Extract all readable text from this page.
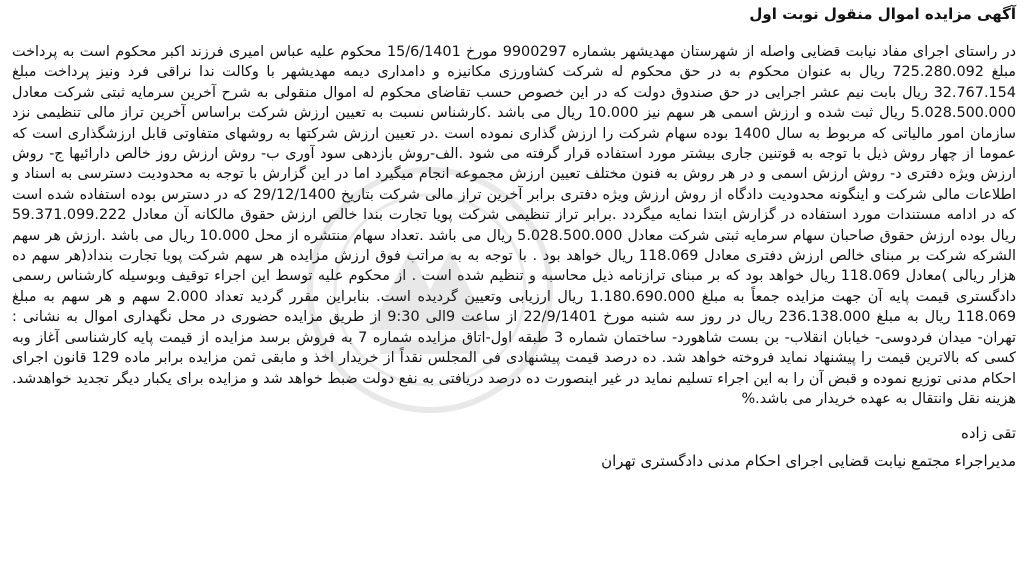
آگهی مزایده اموال منقول نوبت اول

در راستای اجرای مفاد نیابت قضایی واصله از شهرستان مهدیشهر بشماره 9900297 مورخ 15/6/1401 محکوم علیه عباس امیری فرزند اکبر محکوم است به پرداخت مبلغ 725.280.092 ریال به عنوان محکوم به در حق محکوم له شرکت کشاورزی مکانیزه و دامداری دیمه مهدیشهر با وکالت ندا نراقی فرد ونیز پرداخت مبلغ 32.767.154 ریال بابت نیم عشر اجرایی در حق صندوق دولت که در این خصوص حسب تقاضای محکوم له اموال منقولی به شرح آخرین سرمایه ثبتی شرکت معادل 5.028.500.000 ریال ثبت شده و ارزش اسمی هر سهم نیز 10.000 ریال می باشد .کارشناس نسبت به تعیین ارزش شرکت براساس آخرین تراز مالی تنظیمی نزد سازمان امور مالیاتی که مربوط به سال 1400 بوده سهام شرکت را ارزش گذاری نموده است .در تعیین ارزش شرکتها به روشهای متفاوتی قابل ارزشگذاری است که عموما از چهار روش ذیل با توجه به قوتنین جاری بیشتر مورد استفاده قرار گرفته می شود .الف-روش بازدهی سود آوری ب- روش ارزش روز خالص دارائیها ج- روش ارزش ویژه دفتری د- روش ارزش اسمی و در هر روش به فنون مختلف تعیین ارزش مجموعه انجام میگیرد اما در این گزارش با توجه به محدودیت دسترسی به اسناد و اطلاعات مالی شرکت و اینگونه محدودیت دادگاه از روش ارزش ویژه دفتری برابر آخرین تراز مالی شرکت بتاریخ 29/12/1400 که در دسترس بوده استفاده شده است که در ادامه مستندات مورد استفاده در گزارش ابتدا نمایه میگردد .برابر تراز تنظیمی شرکت پویا تجارت بندا خالص ارزش حقوق مالکانه آن معادل 59.371.099.222 ریال بوده ارزش حقوق صاحبان سهام سرمایه ثبتی شرکت معادل 5.028.500.000 ریال می باشد .تعداد سهام منتشره از محل 10.000 ریال می باشد .ارزش هر سهم الشرکه شرکت بر مبنای خالص ارزش دفتری معادل 118.069 ریال خواهد بود . با توجه به به مراتب فوق ارزش مزایده هر سهم شرکت پویا تجارت بنداد(هر سهم ده هزار ریالی )معادل 118.069 ریال خواهد بود که بر مبنای ترازنامه ذیل محاسبه و تنظیم شده است . از محکوم علیه توسط این اجراء توقیف وبوسیله کارشناس رسمی دادگستری قیمت پایه آن جهت مزایده جمعاً به مبلغ 1.180.690.000 ریال ارزیابی وتعیین گردیده است. بنابراین مقرر گردید تعداد 2.000 سهم و هر سهم به مبلغ 118.069 ریال به مبلغ 236.138.000 ریال در روز سه شنبه مورخ 22/9/1401 از ساعت 9الی 9:30 از طریق مزایده حضوری در محل نگهداری اموال به نشانی : تهران- میدان فردوسی- خیابان انقلاب- بن بست شاهورد- ساختمان شماره 3 طبقه اول-اتاق مزایده شماره 7 به فروش برسد مزایده از قیمت پایه کارشناسی آغاز وبه کسی که بالاترین قیمت را پیشنهاد نماید فروخته خواهد شد. ده درصد قیمت پیشنهادی فی المجلس نقداً از خریدار اخذ و مابقی ثمن مزایده برابر ماده 129 قانون اجرای احکام مدنی توزیع نموده و قبض آن را به این اجراء تسلیم نماید در غیر اینصورت ده درصد دریافتی به نفع دولت ضبط خواهد شد و مزایده برای یکبار دیگر تجدید خواهدشد. هزینه نقل وانتقال به عهده خریدار می باشد.%

تقی زاده
مدیراجراء مجتمع نیابت قضایی اجرای احکام مدنی دادگستری تهران
